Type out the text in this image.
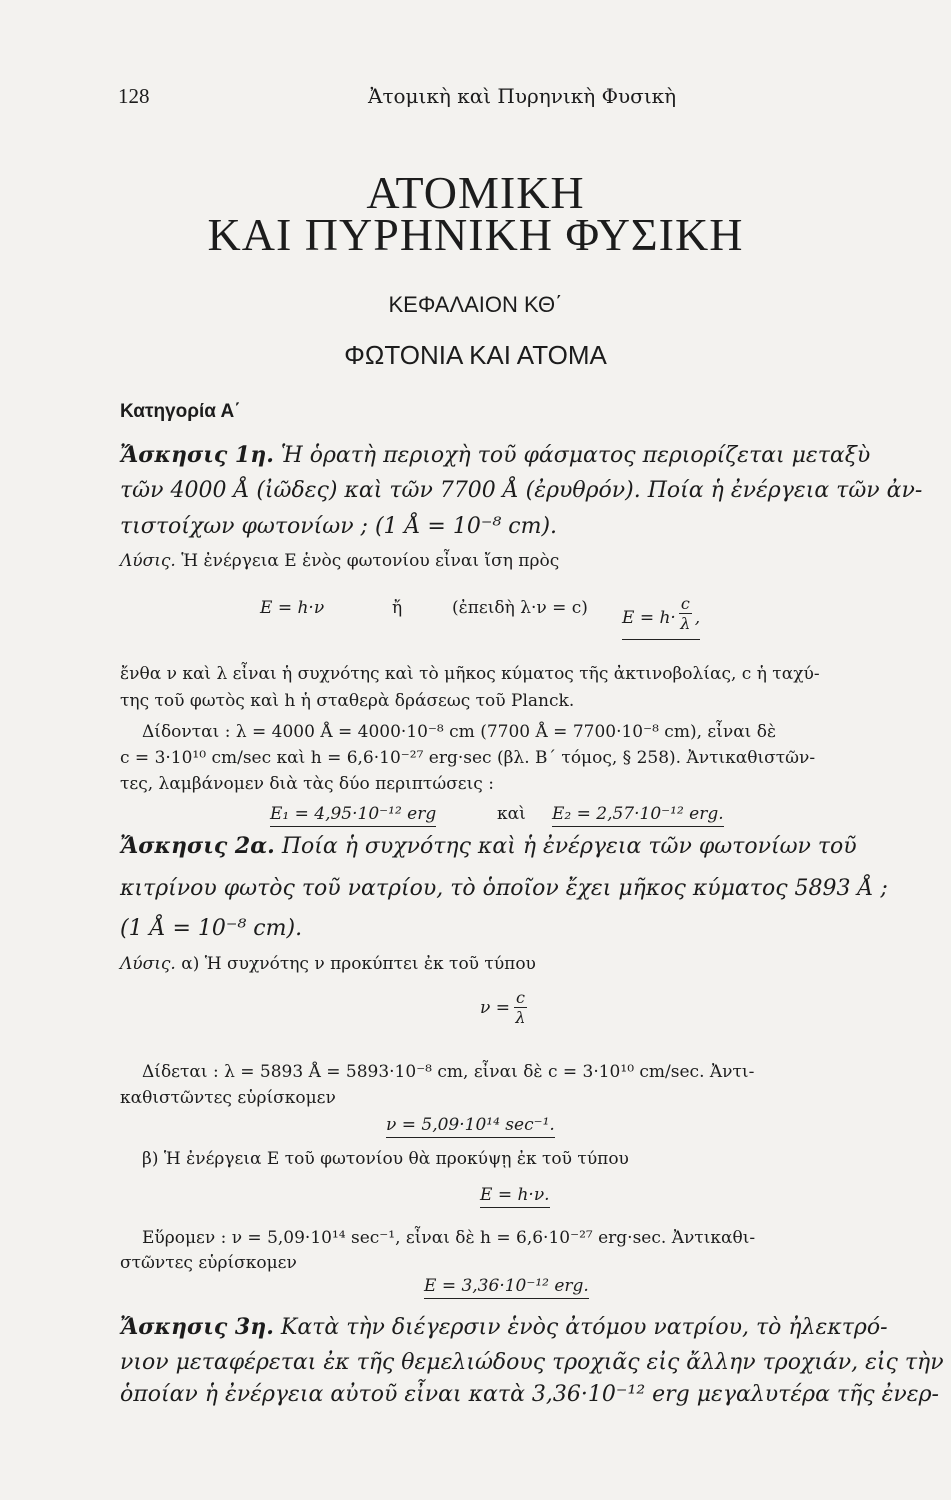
128	Ἀτομικὴ καὶ Πυρηνικὴ Φυσικὴ
ΑΤΟΜΙΚΗ
ΚΑΙ ΠΥΡΗΝΙΚΗ ΦΥΣΙΚΗ
ΚΕΦΑΛΑΙΟΝ ΚΘ΄
ΦΩΤΟΝΙΑ ΚΑΙ ΑΤΟΜΑ
Κατηγορία Α΄
Ἄσκησις 1η. Ἡ ὁρατὴ περιοχὴ τοῦ φάσματος περιορίζεται μεταξὺ
τῶν 4000 Å (ἰῶδες) καὶ τῶν 7700 Å (ἐρυθρόν). Ποία ἡ ἐνέργεια τῶν ἀν-
τιστοίχων φωτονίων ; (1 Å = 10⁻⁸ cm).
Λύσις. Ἡ ἐνέργεια E ἑνὸς φωτονίου εἶναι ἴση πρὸς
E = h·ν	ἤ	(ἐπειδὴ λ·ν = c) $E = h\cdot \frac{c}{\lambda}$ ,
ἔνθα ν καὶ λ εἶναι ἡ συχνότης καὶ τὸ μῆκος κύματος τῆς ἀκτινοβολίας, c ἡ ταχύ-
της τοῦ φωτὸς καὶ h ἡ σταθερὰ δράσεως τοῦ Planck.
Δίδονται : λ = 4000 Å = 4000·10⁻⁸ cm (7700 Å = 7700·10⁻⁸ cm), εἶναι δὲ
c = 3·10¹⁰ cm/sec καὶ h = 6,6·10⁻²⁷ erg·sec (βλ. Β΄ τόμος, § 258). Ἀντικαθιστῶν-
τες, λαμβάνομεν διὰ τὰς δύο περιπτώσεις :
E₁ = 4,95·10⁻¹² erg	καὶ E₂ = 2,57·10⁻¹² erg.
Ἄσκησις 2α. Ποία ἡ συχνότης καὶ ἡ ἐνέργεια τῶν φωτονίων τοῦ
κιτρίνου φωτὸς τοῦ νατρίου, τὸ ὁποῖον ἔχει μῆκος κύματος 5893 Å ;
(1 Å = 10⁻⁸ cm).
Λύσις. α) Ἡ συχνότης ν προκύπτει ἐκ τοῦ τύπου
$\nu = \frac{c}{\lambda}$
Δίδεται : λ = 5893 Å = 5893·10⁻⁸ cm, εἶναι δὲ c = 3·10¹⁰ cm/sec. Ἀντι-
καθιστῶντες εὑρίσκομεν
ν = 5,09·10¹⁴ sec⁻¹.
β) Ἡ ἐνέργεια E τοῦ φωτονίου θὰ προκύψῃ ἐκ τοῦ τύπου
E = h·ν.
Εὕρομεν : ν = 5,09·10¹⁴ sec⁻¹, εἶναι δὲ h = 6,6·10⁻²⁷ erg·sec. Ἀντικαθι-
στῶντες εὑρίσκομεν
E = 3,36·10⁻¹² erg.
Ἄσκησις 3η. Κατὰ τὴν διέγερσιν ἑνὸς ἀτόμου νατρίου, τὸ ἠλεκτρό-
νιον μεταφέρεται ἐκ τῆς θεμελιώδους τροχιᾶς εἰς ἄλλην τροχιάν, εἰς τὴν
ὁποίαν ἡ ἐνέργεια αὐτοῦ εἶναι κατὰ 3,36·10⁻¹² erg μεγαλυτέρα τῆς ἐνερ-
